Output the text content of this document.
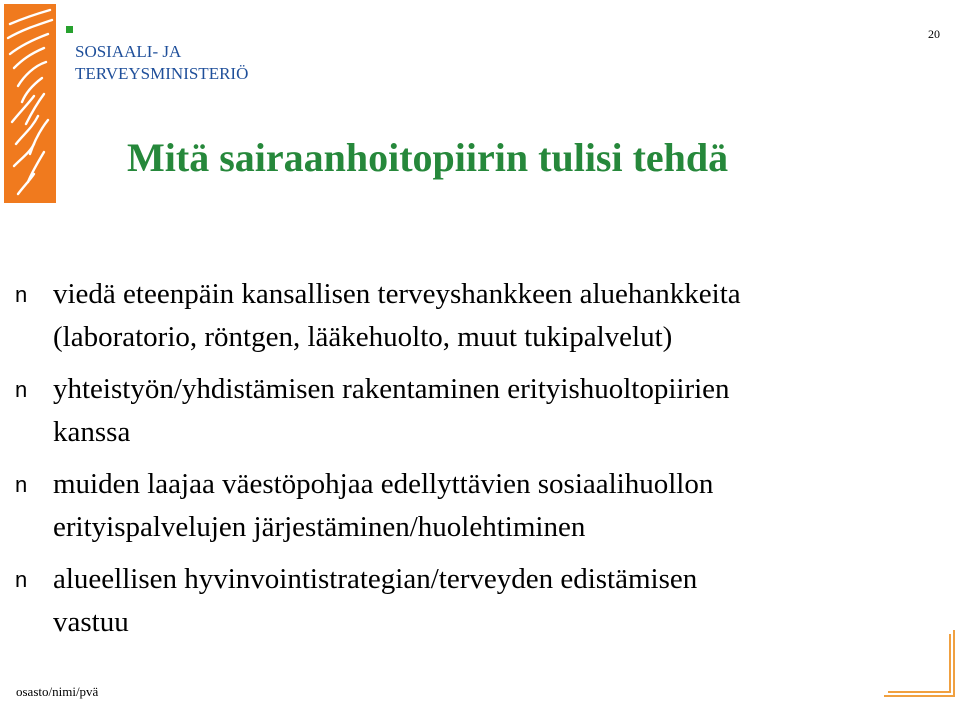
SOSIAALI- JA
TERVEYSMINISTERIÖ
20
Mitä sairaanhoitopiirin tulisi tehdä
n viedä eteenpäin kansallisen terveyshankkeen aluehankkeita
(laboratorio, röntgen, lääkehuolto, muut tukipalvelut)
n yhteistyön/yhdistämisen rakentaminen erityishuoltopiirien
kanssa
n muiden laajaa väestöpohjaa edellyttävien sosiaalihuollon
erityispalvelujen järjestäminen/huolehtiminen
n alueellisen hyvinvointistrategian/terveyden edistämisen
vastuu
osasto/nimi/pvä
